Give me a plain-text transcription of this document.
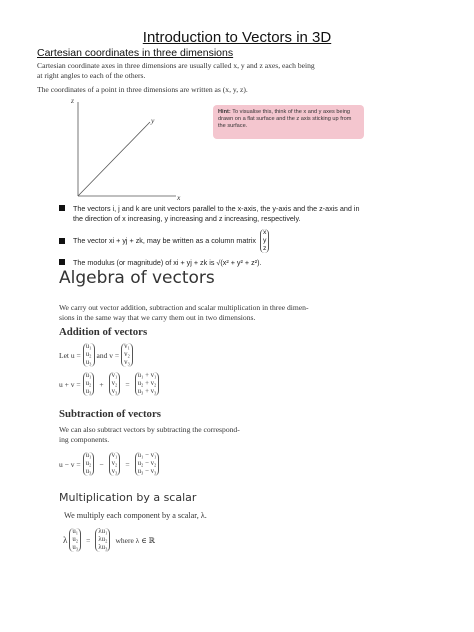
Introduction to Vectors in 3D
Cartesian coordinates in three dimensions
Cartesian coordinate axes in three dimensions are usually called x, y and z axes, each being
at right angles to each of the others.
The coordinates of a point in three dimensions are written as (x, y, z).
z
y
x
Hint: To visualise this, think of the x and y axes being drawn on a flat surface and the z axis sticking up from the surface.
The vectors i, j and k are unit vectors parallel to the x-axis, the y-axis and the z-axis and in
the direction of x increasing, y increasing and z increasing, respectively.
The vector xi + yj + zk, may be written as a column matrix
x
y
z
The modulus (or magnitude) of xi + yj + zk is √(x² + y² + z²).
Algebra of vectors
We carry out vector addition, subtraction and scalar multiplication in three dimen-
sions in the same way that we carry them out in two dimensions.
Addition of vectors
Let u =
u₁
u₂
u₃
and v =
v₁
v₂
v₃
u + v =
u₁
u₂
u₃
+
v₁
v₂
v₃
=
u₁ + v₁
u₂ + v₂
u₃ + v₃
Subtraction of vectors
We can also subtract vectors by subtracting the correspond-
ing components.
u − v =
u₁
u₂
u₃
−
v₁
v₂
v₃
=
u₁ − v₁
u₂ − v₂
u₃ − v₃
Multiplication by a scalar
We multiply each component by a scalar, λ.
λ
u₁
u₂
u₃
=
λu₁
λu₂
λu₃
where λ ∈ ℝ
